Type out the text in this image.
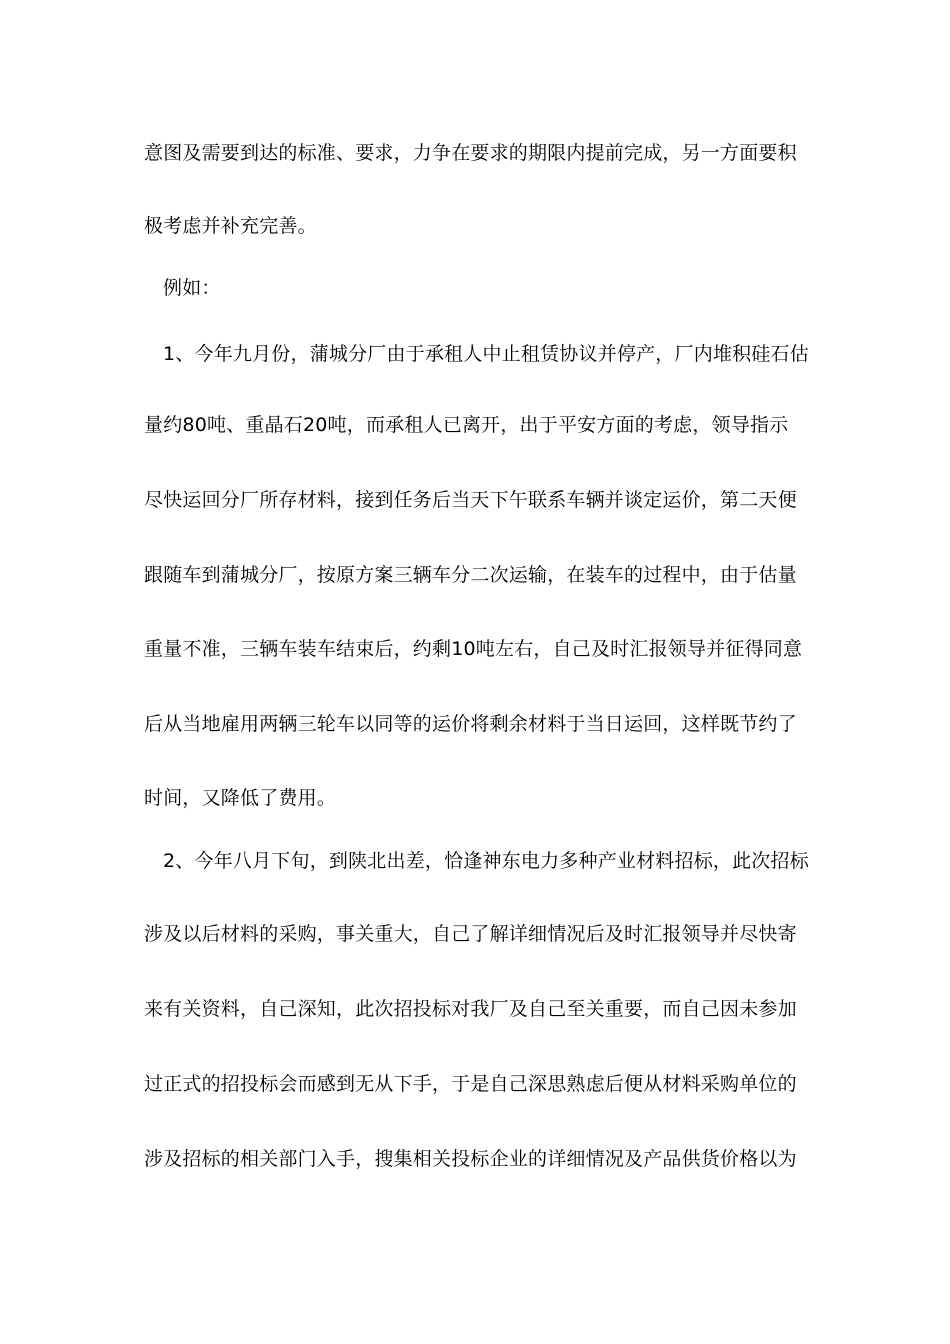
意图及需要到达的标准、要求，力争在要求的期限内提前完成，另一方面要积
极考虑并补充完善。
例如：
1、今年九月份，蒲城分厂由于承租人中止租赁协议并停产，厂内堆积硅石估
量约80吨、重晶石20吨，而承租人已离开，出于平安方面的考虑，领导指示
尽快运回分厂所存材料，接到任务后当天下午联系车辆并谈定运价，第二天便
跟随车到蒲城分厂，按原方案三辆车分二次运输，在装车的过程中，由于估量
重量不准，三辆车装车结束后，约剩10吨左右，自己及时汇报领导并征得同意
后从当地雇用两辆三轮车以同等的运价将剩余材料于当日运回，这样既节约了
时间，又降低了费用。
2、今年八月下旬，到陕北出差，恰逢神东电力多种产业材料招标，此次招标
涉及以后材料的采购，事关重大，自己了解详细情况后及时汇报领导并尽快寄
来有关资料，自己深知，此次招投标对我厂及自己至关重要，而自己因未参加
过正式的招投标会而感到无从下手，于是自己深思熟虑后便从材料采购单位的
涉及招标的相关部门入手，搜集相关投标企业的详细情况及产品供货价格以为
